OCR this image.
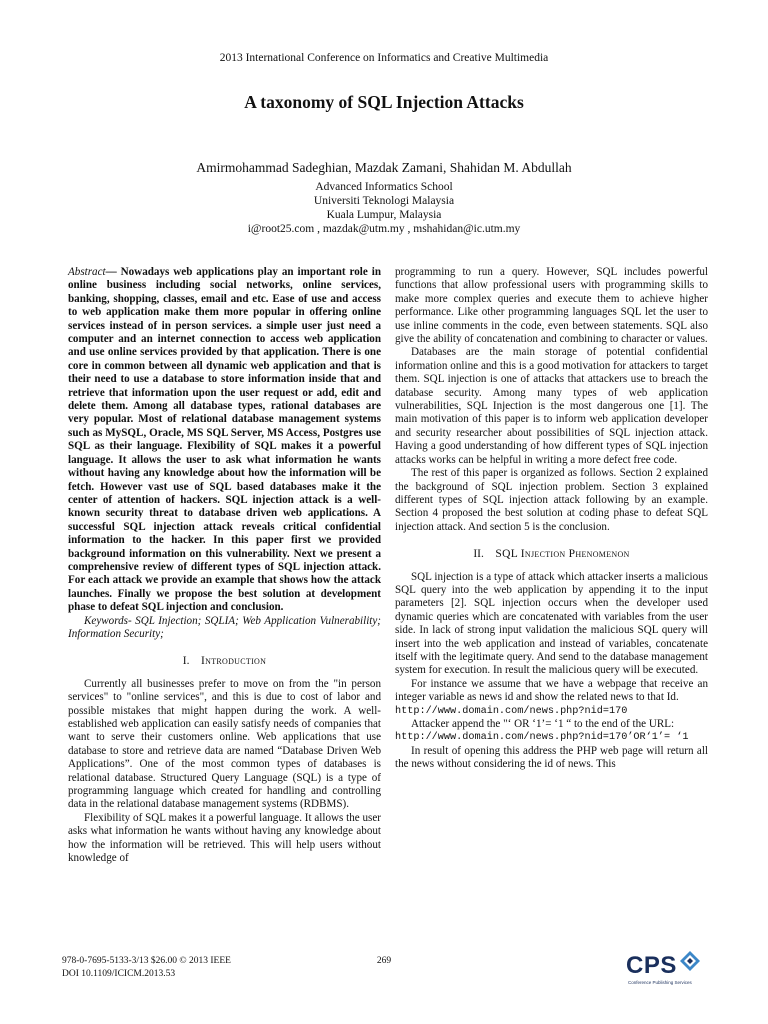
2013 International Conference on Informatics and Creative Multimedia
A taxonomy of SQL Injection Attacks
Amirmohammad Sadeghian, Mazdak Zamani, Shahidan M. Abdullah
Advanced Informatics School
Universiti Teknologi Malaysia
Kuala Lumpur, Malaysia
i@root25.com , mazdak@utm.my , mshahidan@ic.utm.my

Abstract— Nowadays web applications play an important role in online business including social networks, online services, banking, shopping, classes, email and etc. Ease of use and access to web application make them more popular in offering online services instead of in person services. a simple user just need a computer and an internet connection to access web application and use online services provided by that application. There is one core in common between all dynamic web application and that is their need to use a database to store information inside that and retrieve that information upon the user request or add, edit and delete them. Among all database types, rational databases are very popular. Most of relational database management systems such as MySQL, Oracle, MS SQL Server, MS Access, Postgres use SQL as their language. Flexibility of SQL makes it a powerful language. It allows the user to ask what information he wants without having any knowledge about how the information will be fetch. However vast use of SQL based databases make it the center of attention of hackers. SQL injection attack is a well-known security threat to database driven web applications. A successful SQL injection attack reveals critical confidential information to the hacker. In this paper first we provided background information on this vulnerability. Next we present a comprehensive review of different types of SQL injection attack. For each attack we provide an example that shows how the attack launches. Finally we propose the best solution at development phase to defeat SQL injection and conclusion.

Keywords- SQL Injection; SQLIA; Web Application Vulnerability; Information Security;

I. Introduction

Currently all businesses prefer to move on from the "in person services" to "online services", and this is due to cost of labor and possible mistakes that might happen during the work. A well-established web application can easily satisfy needs of companies that want to serve their customers online. Web applications that use database to store and retrieve data are named “Database Driven Web Applications”. One of the most common types of databases is relational database. Structured Query Language (SQL) is a type of programming language which created for handling and controlling data in the relational database management systems (RDBMS).

Flexibility of SQL makes it a powerful language. It allows the user asks what information he wants without having any knowledge about how the information will be retrieved. This will help users without knowledge of

programming to run a query. However, SQL includes powerful functions that allow professional users with programming skills to make more complex queries and execute them to achieve higher performance. Like other programming languages SQL let the user to use inline comments in the code, even between statements. SQL also give the ability of concatenation and combining to character or values.

Databases are the main storage of potential confidential information online and this is a good motivation for attackers to target them. SQL injection is one of attacks that attackers use to breach the database security. Among many types of web application vulnerabilities, SQL Injection is the most dangerous one [1]. The main motivation of this paper is to inform web application developer and security researcher about possibilities of SQL injection attack. Having a good understanding of how different types of SQL injection attacks works can be helpful in writing a more defect free code.

The rest of this paper is organized as follows. Section 2 explained the background of SQL injection problem. Section 3 explained different types of SQL injection attack following by an example. Section 4 proposed the best solution at coding phase to defeat SQL injection attack. And section 5 is the conclusion.

II. SQL Injection Phenomenon

SQL injection is a type of attack which attacker inserts a malicious SQL query into the web application by appending it to the input parameters [2]. SQL injection occurs when the developer used dynamic queries which are concatenated with variables from the user side. In lack of strong input validation the malicious SQL query will insert into the web application and instead of variables, concatenate itself with the legitimate query. And send to the database management system for execution. In result the malicious query will be executed.

For instance we assume that we have a webpage that receive an integer variable as news id and show the related news to that Id.

http://www.domain.com/news.php?nid=170

Attacker append the "‘ OR ‘1’= ‘1 “ to the end of the URL:

http://www.domain.com/news.php?nid=170’OR‘1’= ‘1

In result of opening this address the PHP web page will return all the news without considering the id of news. This

978-0-7695-5133-3/13 $26.00 © 2013 IEEE
DOI 10.1109/ICICM.2013.53
269	CPS
Conference Publishing Services
